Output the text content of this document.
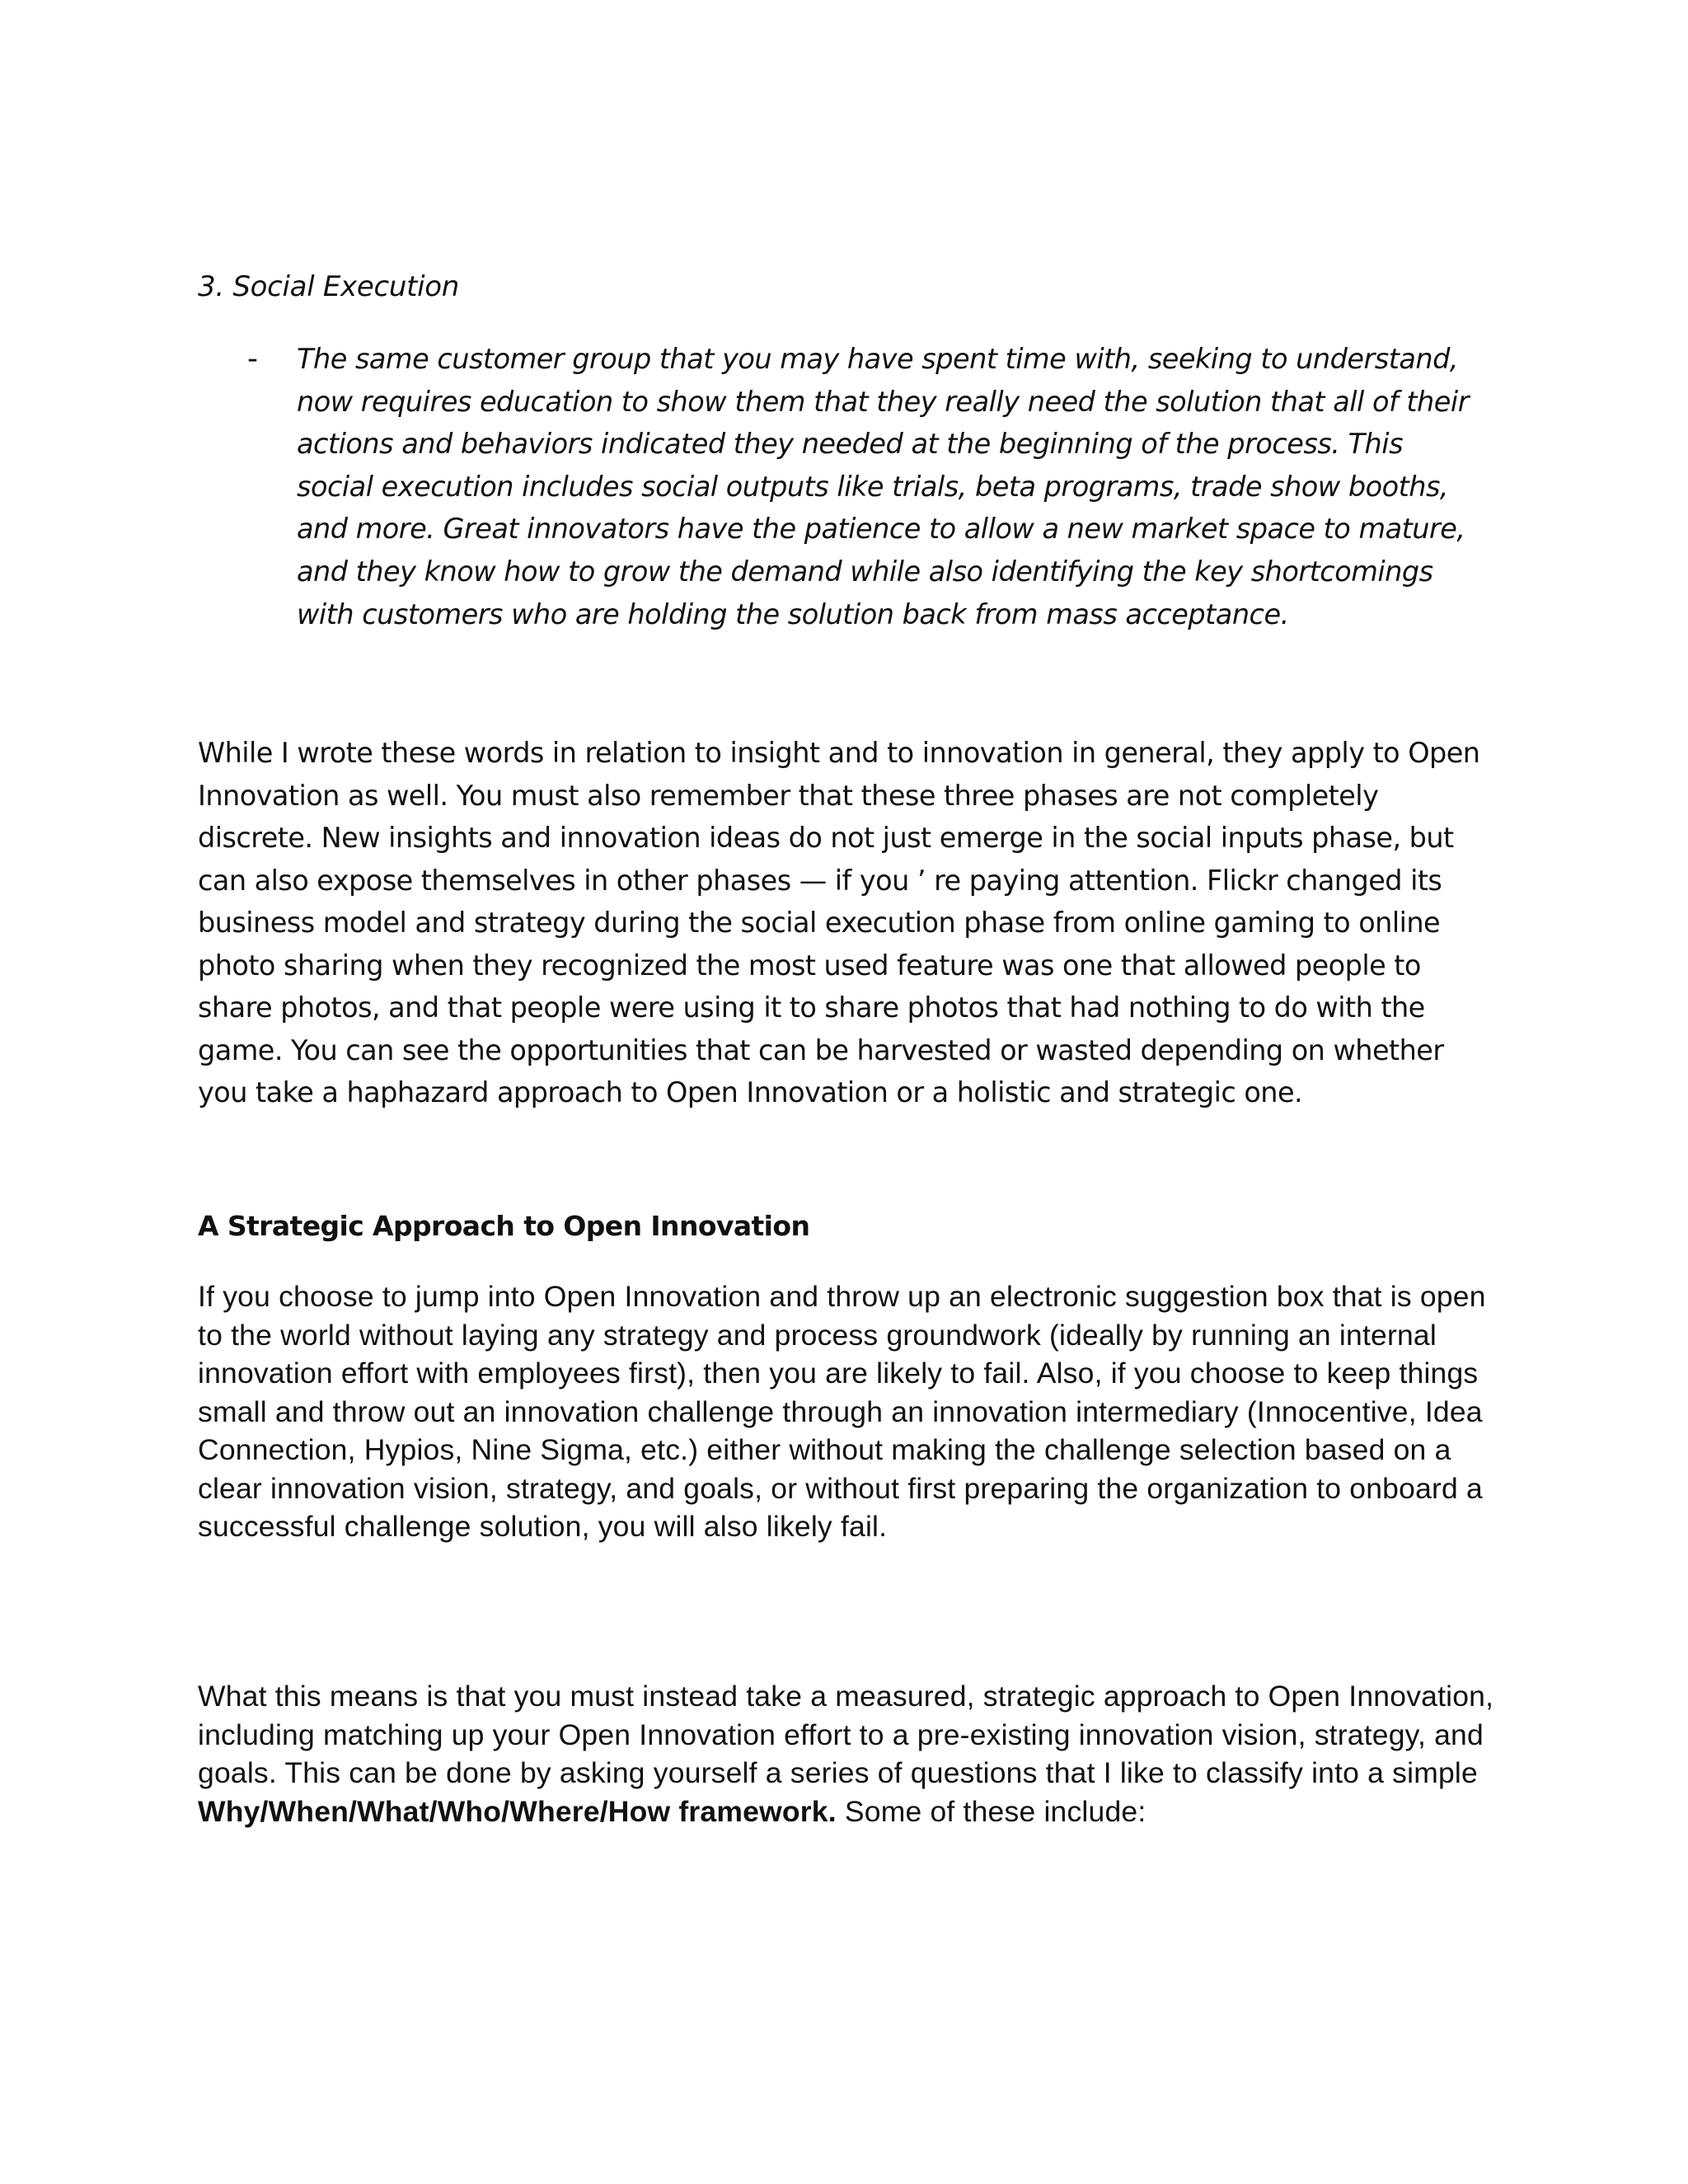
3. Social Execution

- The same customer group that you may have spent time with, seeking to understand, now requires education to show them that they really need the solution that all of their actions and behaviors indicated they needed at the beginning of the process. This social execution includes social outputs like trials, beta programs, trade show booths, and more. Great innovators have the patience to allow a new market space to mature, and they know how to grow the demand while also identifying the key shortcomings with customers who are holding the solution back from mass acceptance.

While I wrote these words in relation to insight and to innovation in general, they apply to Open Innovation as well. You must also remember that these three phases are not completely discrete. New insights and innovation ideas do not just emerge in the social inputs phase, but can also expose themselves in other phases — if you ’ re paying attention. Flickr changed its business model and strategy during the social execution phase from online gaming to online photo sharing when they recognized the most used feature was one that allowed people to share photos, and that people were using it to share photos that had nothing to do with the game. You can see the opportunities that can be harvested or wasted depending on whether you take a haphazard approach to Open Innovation or a holistic and strategic one.

A Strategic Approach to Open Innovation

If you choose to jump into Open Innovation and throw up an electronic suggestion box that is open to the world without laying any strategy and process groundwork (ideally by running an internal innovation effort with employees first), then you are likely to fail. Also, if you choose to keep things small and throw out an innovation challenge through an innovation intermediary (Innocentive, Idea Connection, Hypios, Nine Sigma, etc.) either without making the challenge selection based on a clear innovation vision, strategy, and goals, or without first preparing the organization to onboard a successful challenge solution, you will also likely fail.

What this means is that you must instead take a measured, strategic approach to Open Innovation, including matching up your Open Innovation effort to a pre-existing innovation vision, strategy, and goals. This can be done by asking yourself a series of questions that I like to classify into a simple Why/When/What/Who/Where/How framework. Some of these include:
